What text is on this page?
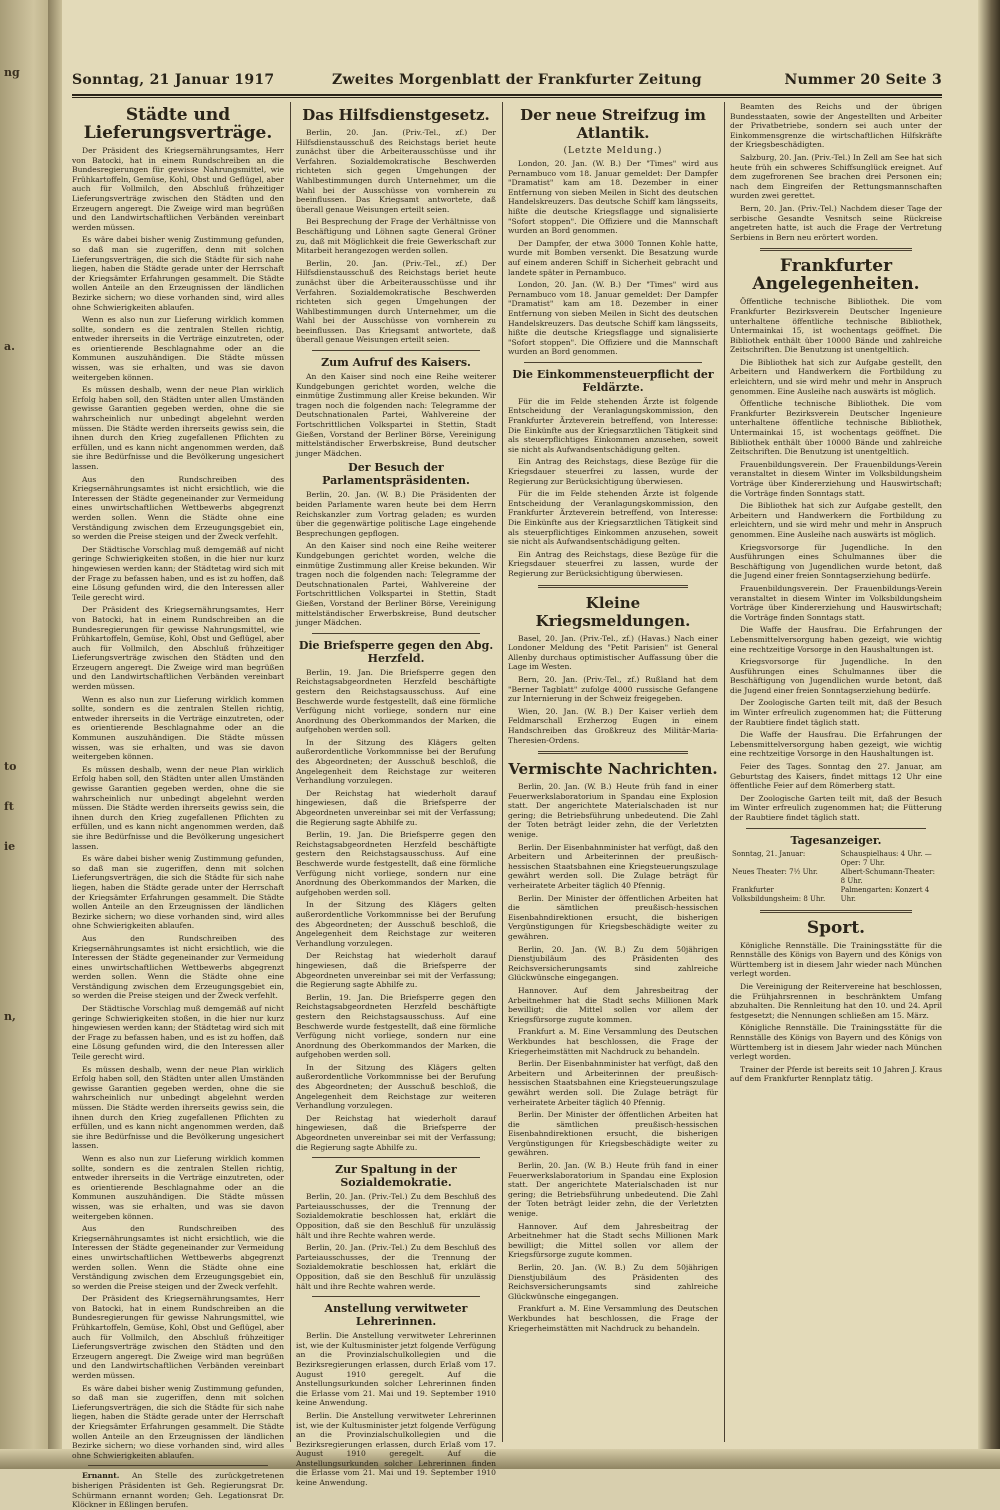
ng
a.
to
ft
ie
n,
Sonntag, 21 Januar 1917	Zweites Morgenblatt der Frankfurter Zeitung	Nummer 20 Seite 3
Städte und Lieferungsverträge.

Der Präsident des Kriegsernährungsamtes, Herr von Batocki, hat in einem Rundschreiben an die Bundesregierungen für gewisse Nahrungsmittel, wie Frühkartoffeln, Gemüse, Kohl, Obst und Geflügel, aber auch für Vollmilch, den Abschluß frühzeitiger Lieferungsverträge zwischen den Städten und den Erzeugern angeregt. Die Zweige wird man begrüßen und den Landwirtschaftlichen Verbänden vereinbart werden müssen.

Es wäre dabei bisher wenig Zustimmung gefunden, so daß man sie zugeriffen, denn mit solchen Lieferungsverträgen, die sich die Städte für sich nahe liegen, haben die Städte gerade unter der Herrschaft der Kriegsämter Erfahrungen gesammelt. Die Städte wollen Anteile an den Erzeugnissen der ländlichen Bezirke sichern; wo diese vorhanden sind, wird alles ohne Schwierigkeiten ablaufen.

Wenn es also nun zur Lieferung wirklich kommen sollte, sondern es die zentralen Stellen richtig, entweder ihrerseits in die Verträge einzutreten, oder es orientierende Beschlagnahme oder an die Kommunen auszuhändigen. Die Städte müssen wissen, was sie erhalten, und was sie davon weitergeben können.

Es müssen deshalb, wenn der neue Plan wirklich Erfolg haben soll, den Städten unter allen Umständen gewisse Garantien gegeben werden, ohne die sie wahrscheinlich nur unbedingt abgelehnt werden müssen. Die Städte werden ihrerseits gewiss sein, die ihnen durch den Krieg zugefallenen Pflichten zu erfüllen, und es kann nicht angenommen werden, daß sie ihre Bedürfnisse und die Bevölkerung ungesichert lassen.

Aus den Rundschreiben des Kriegsernährungsamtes ist nicht ersichtlich, wie die Interessen der Städte gegeneinander zur Vermeidung eines unwirtschaftlichen Wettbewerbs abgegrenzt werden sollen. Wenn die Städte ohne eine Verständigung zwischen dem Erzeugungsgebiet ein, so werden die Preise steigen und der Zweck verfehlt.

Der Städtische Vorschlag muß demgemäß auf nicht geringe Schwierigkeiten stoßen, in die hier nur kurz hingewiesen werden kann; der Städtetag wird sich mit der Frage zu befassen haben, und es ist zu hoffen, daß eine Lösung gefunden wird, die den Interessen aller Teile gerecht wird.

Der Präsident des Kriegsernährungsamtes, Herr von Batocki, hat in einem Rundschreiben an die Bundesregierungen für gewisse Nahrungsmittel, wie Frühkartoffeln, Gemüse, Kohl, Obst und Geflügel, aber auch für Vollmilch, den Abschluß frühzeitiger Lieferungsverträge zwischen den Städten und den Erzeugern angeregt. Die Zweige wird man begrüßen und den Landwirtschaftlichen Verbänden vereinbart werden müssen.

Wenn es also nun zur Lieferung wirklich kommen sollte, sondern es die zentralen Stellen richtig, entweder ihrerseits in die Verträge einzutreten, oder es orientierende Beschlagnahme oder an die Kommunen auszuhändigen. Die Städte müssen wissen, was sie erhalten, und was sie davon weitergeben können.

Es müssen deshalb, wenn der neue Plan wirklich Erfolg haben soll, den Städten unter allen Umständen gewisse Garantien gegeben werden, ohne die sie wahrscheinlich nur unbedingt abgelehnt werden müssen. Die Städte werden ihrerseits gewiss sein, die ihnen durch den Krieg zugefallenen Pflichten zu erfüllen, und es kann nicht angenommen werden, daß sie ihre Bedürfnisse und die Bevölkerung ungesichert lassen.

Es wäre dabei bisher wenig Zustimmung gefunden, so daß man sie zugeriffen, denn mit solchen Lieferungsverträgen, die sich die Städte für sich nahe liegen, haben die Städte gerade unter der Herrschaft der Kriegsämter Erfahrungen gesammelt. Die Städte wollen Anteile an den Erzeugnissen der ländlichen Bezirke sichern; wo diese vorhanden sind, wird alles ohne Schwierigkeiten ablaufen.

Aus den Rundschreiben des Kriegsernährungsamtes ist nicht ersichtlich, wie die Interessen der Städte gegeneinander zur Vermeidung eines unwirtschaftlichen Wettbewerbs abgegrenzt werden sollen. Wenn die Städte ohne eine Verständigung zwischen dem Erzeugungsgebiet ein, so werden die Preise steigen und der Zweck verfehlt.

Der Städtische Vorschlag muß demgemäß auf nicht geringe Schwierigkeiten stoßen, in die hier nur kurz hingewiesen werden kann; der Städtetag wird sich mit der Frage zu befassen haben, und es ist zu hoffen, daß eine Lösung gefunden wird, die den Interessen aller Teile gerecht wird.

Es müssen deshalb, wenn der neue Plan wirklich Erfolg haben soll, den Städten unter allen Umständen gewisse Garantien gegeben werden, ohne die sie wahrscheinlich nur unbedingt abgelehnt werden müssen. Die Städte werden ihrerseits gewiss sein, die ihnen durch den Krieg zugefallenen Pflichten zu erfüllen, und es kann nicht angenommen werden, daß sie ihre Bedürfnisse und die Bevölkerung ungesichert lassen.

Wenn es also nun zur Lieferung wirklich kommen sollte, sondern es die zentralen Stellen richtig, entweder ihrerseits in die Verträge einzutreten, oder es orientierende Beschlagnahme oder an die Kommunen auszuhändigen. Die Städte müssen wissen, was sie erhalten, und was sie davon weitergeben können.

Aus den Rundschreiben des Kriegsernährungsamtes ist nicht ersichtlich, wie die Interessen der Städte gegeneinander zur Vermeidung eines unwirtschaftlichen Wettbewerbs abgegrenzt werden sollen. Wenn die Städte ohne eine Verständigung zwischen dem Erzeugungsgebiet ein, so werden die Preise steigen und der Zweck verfehlt.

Der Präsident des Kriegsernährungsamtes, Herr von Batocki, hat in einem Rundschreiben an die Bundesregierungen für gewisse Nahrungsmittel, wie Frühkartoffeln, Gemüse, Kohl, Obst und Geflügel, aber auch für Vollmilch, den Abschluß frühzeitiger Lieferungsverträge zwischen den Städten und den Erzeugern angeregt. Die Zweige wird man begrüßen und den Landwirtschaftlichen Verbänden vereinbart werden müssen.

Es wäre dabei bisher wenig Zustimmung gefunden, so daß man sie zugeriffen, denn mit solchen Lieferungsverträgen, die sich die Städte für sich nahe liegen, haben die Städte gerade unter der Herrschaft der Kriegsämter Erfahrungen gesammelt. Die Städte wollen Anteile an den Erzeugnissen der ländlichen Bezirke sichern; wo diese vorhanden sind, wird alles ohne Schwierigkeiten ablaufen.

Ernannt. An Stelle des zurückgetretenen bisherigen Präsidenten ist Geh. Regierungsrat Dr. Schürmann ernannt worden; Geh. Legationsrat Dr. Klöckner in Eßlingen berufen.

Das Hilfsdienstgesetz.

Berlin, 20. Jan. (Priv.-Tel., zf.) Der Hilfsdienstausschuß des Reichstags beriet heute zunächst über die Arbeiterausschüsse und ihr Verfahren. Sozialdemokratische Beschwerden richteten sich gegen Umgehungen der Wahlbestimmungen durch Unternehmer, um die Wahl bei der Ausschüsse von vornherein zu beeinflussen. Das Kriegsamt antwortete, daß überall genaue Weisungen erteilt seien.

Bei Besprechung der Frage der Verhältnisse von Beschäftigung und Löhnen sagte General Gröner zu, daß mit Möglichkeit die freie Gewerkschaft zur Mitarbeit herangezogen werden sollen.

Berlin, 20. Jan. (Priv.-Tel., zf.) Der Hilfsdienstausschuß des Reichstags beriet heute zunächst über die Arbeiterausschüsse und ihr Verfahren. Sozialdemokratische Beschwerden richteten sich gegen Umgehungen der Wahlbestimmungen durch Unternehmer, um die Wahl bei der Ausschüsse von vornherein zu beeinflussen. Das Kriegsamt antwortete, daß überall genaue Weisungen erteilt seien.

Zum Aufruf des Kaisers.

An den Kaiser sind noch eine Reihe weiterer Kundgebungen gerichtet worden, welche die einmütige Zustimmung aller Kreise bekunden. Wir tragen noch die folgenden nach: Telegramme der Deutschnationalen Partei, Wahlvereine der Fortschrittlichen Volkspartei in Stettin, Stadt Gießen, Vorstand der Berliner Börse, Vereinigung mittelständischer Erwerbskreise, Bund deutscher junger Mädchen.

Der Besuch der Parlamentspräsidenten.

Berlin, 20. Jan. (W. B.) Die Präsidenten der beiden Parlamente waren heute bei dem Herrn Reichskanzler zum Vortrag geladen; es wurden über die gegenwärtige politische Lage eingehende Besprechungen gepflogen.

An den Kaiser sind noch eine Reihe weiterer Kundgebungen gerichtet worden, welche die einmütige Zustimmung aller Kreise bekunden. Wir tragen noch die folgenden nach: Telegramme der Deutschnationalen Partei, Wahlvereine der Fortschrittlichen Volkspartei in Stettin, Stadt Gießen, Vorstand der Berliner Börse, Vereinigung mittelständischer Erwerbskreise, Bund deutscher junger Mädchen.

Die Briefsperre gegen den Abg. Herzfeld.

Berlin, 19. Jan. Die Briefsperre gegen den Reichstagsabgeordneten Herzfeld beschäftigte gestern den Reichstagsausschuss. Auf eine Beschwerde wurde festgestellt, daß eine förmliche Verfügung nicht vorliege, sondern nur eine Anordnung des Oberkommandos der Marken, die aufgehoben werden soll.

In der Sitzung des Klägers gelten außerordentliche Vorkommnisse bei der Berufung des Abgeordneten; der Ausschuß beschloß, die Angelegenheit dem Reichstage zur weiteren Verhandlung vorzulegen.

Der Reichstag hat wiederholt darauf hingewiesen, daß die Briefsperre der Abgeordneten unvereinbar sei mit der Verfassung; die Regierung sagte Abhilfe zu.

Berlin, 19. Jan. Die Briefsperre gegen den Reichstagsabgeordneten Herzfeld beschäftigte gestern den Reichstagsausschuss. Auf eine Beschwerde wurde festgestellt, daß eine förmliche Verfügung nicht vorliege, sondern nur eine Anordnung des Oberkommandos der Marken, die aufgehoben werden soll.

In der Sitzung des Klägers gelten außerordentliche Vorkommnisse bei der Berufung des Abgeordneten; der Ausschuß beschloß, die Angelegenheit dem Reichstage zur weiteren Verhandlung vorzulegen.

Der Reichstag hat wiederholt darauf hingewiesen, daß die Briefsperre der Abgeordneten unvereinbar sei mit der Verfassung; die Regierung sagte Abhilfe zu.

Berlin, 19. Jan. Die Briefsperre gegen den Reichstagsabgeordneten Herzfeld beschäftigte gestern den Reichstagsausschuss. Auf eine Beschwerde wurde festgestellt, daß eine förmliche Verfügung nicht vorliege, sondern nur eine Anordnung des Oberkommandos der Marken, die aufgehoben werden soll.

In der Sitzung des Klägers gelten außerordentliche Vorkommnisse bei der Berufung des Abgeordneten; der Ausschuß beschloß, die Angelegenheit dem Reichstage zur weiteren Verhandlung vorzulegen.

Der Reichstag hat wiederholt darauf hingewiesen, daß die Briefsperre der Abgeordneten unvereinbar sei mit der Verfassung; die Regierung sagte Abhilfe zu.

Zur Spaltung in der Sozialdemokratie.

Berlin, 20. Jan. (Priv.-Tel.) Zu dem Beschluß des Parteiausschusses, der die Trennung der Sozialdemokratie beschlossen hat, erklärt die Opposition, daß sie den Beschluß für unzulässig hält und ihre Rechte wahren werde.

Berlin, 20. Jan. (Priv.-Tel.) Zu dem Beschluß des Parteiausschusses, der die Trennung der Sozialdemokratie beschlossen hat, erklärt die Opposition, daß sie den Beschluß für unzulässig hält und ihre Rechte wahren werde.

Anstellung verwitweter Lehrerinnen.

Berlin. Die Anstellung verwitweter Lehrerinnen ist, wie der Kultusminister jetzt folgende Verfügung an die Provinzialschulkollegien und die Bezirksregierungen erlassen, durch Erlaß vom 17. August 1910 geregelt. Auf die Anstellungsurkunden solcher Lehrerinnen finden die Erlasse vom 21. Mai und 19. September 1910 keine Anwendung.

Berlin. Die Anstellung verwitweter Lehrerinnen ist, wie der Kultusminister jetzt folgende Verfügung an die Provinzialschulkollegien und die Bezirksregierungen erlassen, durch Erlaß vom 17. August 1910 geregelt. Auf die Anstellungsurkunden solcher Lehrerinnen finden die Erlasse vom 21. Mai und 19. September 1910 keine Anwendung.

Der neue Streifzug im Atlantik.
(Letzte Meldung.)

London, 20. Jan. (W. B.) Der "Times" wird aus Pernambuco vom 18. Januar gemeldet: Der Dampfer "Dramatist" kam am 18. Dezember in einer Entfernung von sieben Meilen in Sicht des deutschen Handelskreuzers. Das deutsche Schiff kam längsseits, hißte die deutsche Kriegsflagge und signalisierte "Sofort stoppen". Die Offiziere und die Mannschaft wurden an Bord genommen.

Der Dampfer, der etwa 3000 Tonnen Kohle hatte, wurde mit Bomben versenkt. Die Besatzung wurde auf einem anderen Schiff in Sicherheit gebracht und landete später in Pernambuco.

London, 20. Jan. (W. B.) Der "Times" wird aus Pernambuco vom 18. Januar gemeldet: Der Dampfer "Dramatist" kam am 18. Dezember in einer Entfernung von sieben Meilen in Sicht des deutschen Handelskreuzers. Das deutsche Schiff kam längsseits, hißte die deutsche Kriegsflagge und signalisierte "Sofort stoppen". Die Offiziere und die Mannschaft wurden an Bord genommen.

Die Einkommensteuerpflicht der Feldärzte.

Für die im Felde stehenden Ärzte ist folgende Entscheidung der Veranlagungskommission, den Frankfurter Ärzteverein betreffend, von Interesse: Die Einkünfte aus der Kriegsarztlichen Tätigkeit sind als steuerpflichtiges Einkommen anzusehen, soweit sie nicht als Aufwandsentschädigung gelten.

Ein Antrag des Reichstags, diese Bezüge für die Kriegsdauer steuerfrei zu lassen, wurde der Regierung zur Berücksichtigung überwiesen.

Für die im Felde stehenden Ärzte ist folgende Entscheidung der Veranlagungskommission, den Frankfurter Ärzteverein betreffend, von Interesse: Die Einkünfte aus der Kriegsarztlichen Tätigkeit sind als steuerpflichtiges Einkommen anzusehen, soweit sie nicht als Aufwandsentschädigung gelten.

Ein Antrag des Reichstags, diese Bezüge für die Kriegsdauer steuerfrei zu lassen, wurde der Regierung zur Berücksichtigung überwiesen.

Kleine Kriegsmeldungen.

Basel, 20. Jan. (Priv.-Tel., zf.) (Havas.) Nach einer Londoner Meldung des "Petit Parisien" ist General Allenby durchaus optimistischer Auffassung über die Lage im Westen.

Bern, 20. Jan. (Priv.-Tel., zf.) Rußland hat dem "Berner Tagblatt" zufolge 4000 russische Gefangene zur Internierung in der Schweiz freigegeben.

Wien, 20. Jan. (W. B.) Der Kaiser verlieh dem Feldmarschall Erzherzog Eugen in einem Handschreiben das Großkreuz des Militär-Maria-Theresien-Ordens.

Vermischte Nachrichten.

Berlin, 20. Jan. (W. B.) Heute früh fand in einer Feuerwerkslaboratorium in Spandau eine Explosion statt. Der angerichtete Materialschaden ist nur gering; die Betriebsführung unbedeutend. Die Zahl der Toten beträgt leider zehn, die der Verletzten wenige.

Berlin. Der Eisenbahnminister hat verfügt, daß den Arbeitern und Arbeiterinnen der preußisch-hessischen Staatsbahnen eine Kriegsteuerungszulage gewährt werden soll. Die Zulage beträgt für verheiratete Arbeiter täglich 40 Pfennig.

Berlin. Der Minister der öffentlichen Arbeiten hat die sämtlichen preußisch-hessischen Eisenbahndirektionen ersucht, die bisherigen Vergünstigungen für Kriegsbeschädigte weiter zu gewähren.

Berlin, 20. Jan. (W. B.) Zu dem 50jährigen Dienstjubiläum des Präsidenten des Reichsversicherungsamts sind zahlreiche Glückwünsche eingegangen.

Hannover. Auf dem Jahresbeitrag der Arbeitnehmer hat die Stadt sechs Millionen Mark bewilligt; die Mittel sollen vor allem der Kriegsfürsorge zugute kommen.

Frankfurt a. M. Eine Versammlung des Deutschen Werkbundes hat beschlossen, die Frage der Kriegerheimstätten mit Nachdruck zu behandeln.

Berlin. Der Eisenbahnminister hat verfügt, daß den Arbeitern und Arbeiterinnen der preußisch-hessischen Staatsbahnen eine Kriegsteuerungszulage gewährt werden soll. Die Zulage beträgt für verheiratete Arbeiter täglich 40 Pfennig.

Berlin. Der Minister der öffentlichen Arbeiten hat die sämtlichen preußisch-hessischen Eisenbahndirektionen ersucht, die bisherigen Vergünstigungen für Kriegsbeschädigte weiter zu gewähren.

Berlin, 20. Jan. (W. B.) Heute früh fand in einer Feuerwerkslaboratorium in Spandau eine Explosion statt. Der angerichtete Materialschaden ist nur gering; die Betriebsführung unbedeutend. Die Zahl der Toten beträgt leider zehn, die der Verletzten wenige.

Hannover. Auf dem Jahresbeitrag der Arbeitnehmer hat die Stadt sechs Millionen Mark bewilligt; die Mittel sollen vor allem der Kriegsfürsorge zugute kommen.

Berlin, 20. Jan. (W. B.) Zu dem 50jährigen Dienstjubiläum des Präsidenten des Reichsversicherungsamts sind zahlreiche Glückwünsche eingegangen.

Frankfurt a. M. Eine Versammlung des Deutschen Werkbundes hat beschlossen, die Frage der Kriegerheimstätten mit Nachdruck zu behandeln.

Beamten des Reichs und der übrigen Bundesstaaten, sowie der Angestellten und Arbeiter der Privatbetriebe, sondern sei auch unter der Einkommensgrenze die wirtschaftlichen Hilfskräfte der Kriegsbeschädigten.

Salzburg, 20. Jan. (Priv.-Tel.) In Zell am See hat sich heute früh ein schweres Schiffsunglück ereignet. Auf dem zugefrorenen See brachen drei Personen ein; nach dem Eingreifen der Rettungsmannschaften wurden zwei gerettet.

Bern, 20. Jan. (Priv.-Tel.) Nachdem dieser Tage der serbische Gesandte Vesnitsch seine Rückreise angetreten hatte, ist auch die Frage der Vertretung Serbiens in Bern neu erörtert worden.

Frankfurter Angelegenheiten.

Öffentliche technische Bibliothek. Die vom Frankfurter Bezirksverein Deutscher Ingenieure unterhaltene öffentliche technische Bibliothek, Untermainkai 15, ist wochentags geöffnet. Die Bibliothek enthält über 10000 Bände und zahlreiche Zeitschriften. Die Benutzung ist unentgeltlich.

Die Bibliothek hat sich zur Aufgabe gestellt, den Arbeitern und Handwerkern die Fortbildung zu erleichtern, und sie wird mehr und mehr in Anspruch genommen. Eine Ausleihe nach auswärts ist möglich.

Öffentliche technische Bibliothek. Die vom Frankfurter Bezirksverein Deutscher Ingenieure unterhaltene öffentliche technische Bibliothek, Untermainkai 15, ist wochentags geöffnet. Die Bibliothek enthält über 10000 Bände und zahlreiche Zeitschriften. Die Benutzung ist unentgeltlich.

Frauenbildungsverein. Der Frauenbildungs-Verein veranstaltet in diesem Winter im Volksbildungsheim Vorträge über Kindererziehung und Hauswirtschaft; die Vorträge finden Sonntags statt.

Die Bibliothek hat sich zur Aufgabe gestellt, den Arbeitern und Handwerkern die Fortbildung zu erleichtern, und sie wird mehr und mehr in Anspruch genommen. Eine Ausleihe nach auswärts ist möglich.

Kriegsvorsorge für Jugendliche. In den Ausführungen eines Schulmannes über die Beschäftigung von Jugendlichen wurde betont, daß die Jugend einer freien Sonntagserziehung bedürfe.

Frauenbildungsverein. Der Frauenbildungs-Verein veranstaltet in diesem Winter im Volksbildungsheim Vorträge über Kindererziehung und Hauswirtschaft; die Vorträge finden Sonntags statt.

Die Waffe der Hausfrau. Die Erfahrungen der Lebensmittelversorgung haben gezeigt, wie wichtig eine rechtzeitige Vorsorge in den Haushaltungen ist.

Kriegsvorsorge für Jugendliche. In den Ausführungen eines Schulmannes über die Beschäftigung von Jugendlichen wurde betont, daß die Jugend einer freien Sonntagserziehung bedürfe.

Der Zoologische Garten teilt mit, daß der Besuch im Winter erfreulich zugenommen hat; die Fütterung der Raubtiere findet täglich statt.

Die Waffe der Hausfrau. Die Erfahrungen der Lebensmittelversorgung haben gezeigt, wie wichtig eine rechtzeitige Vorsorge in den Haushaltungen ist.

Feier des Tages. Sonntag den 27. Januar, am Geburtstag des Kaisers, findet mittags 12 Uhr eine öffentliche Feier auf dem Römerberg statt.

Der Zoologische Garten teilt mit, daß der Besuch im Winter erfreulich zugenommen hat; die Fütterung der Raubtiere findet täglich statt.

Tagesanzeiger.
Sonntag, 21. Januar:	Schauspielhaus: 4 Uhr. — Oper: 7 Uhr.
Neues Theater: 7½ Uhr.	Albert-Schumann-Theater: 8 Uhr.
Frankfurter Volksbildungsheim: 8 Uhr.	Palmengarten: Konzert 4 Uhr.
Sport.

Königliche Rennställe. Die Trainingsstätte für die Rennställe des Königs von Bayern und des Königs von Württemberg ist in diesem Jahr wieder nach München verlegt worden.

Die Vereinigung der Reitervereine hat beschlossen, die Frühjahrsrennen in beschränktem Umfang abzuhalten. Die Rennleitung hat den 10. und 24. April festgesetzt; die Nennungen schließen am 15. März.

Königliche Rennställe. Die Trainingsstätte für die Rennställe des Königs von Bayern und des Königs von Württemberg ist in diesem Jahr wieder nach München verlegt worden.

Trainer der Pferde ist bereits seit 10 Jahren J. Kraus auf dem Frankfurter Rennplatz tätig.
